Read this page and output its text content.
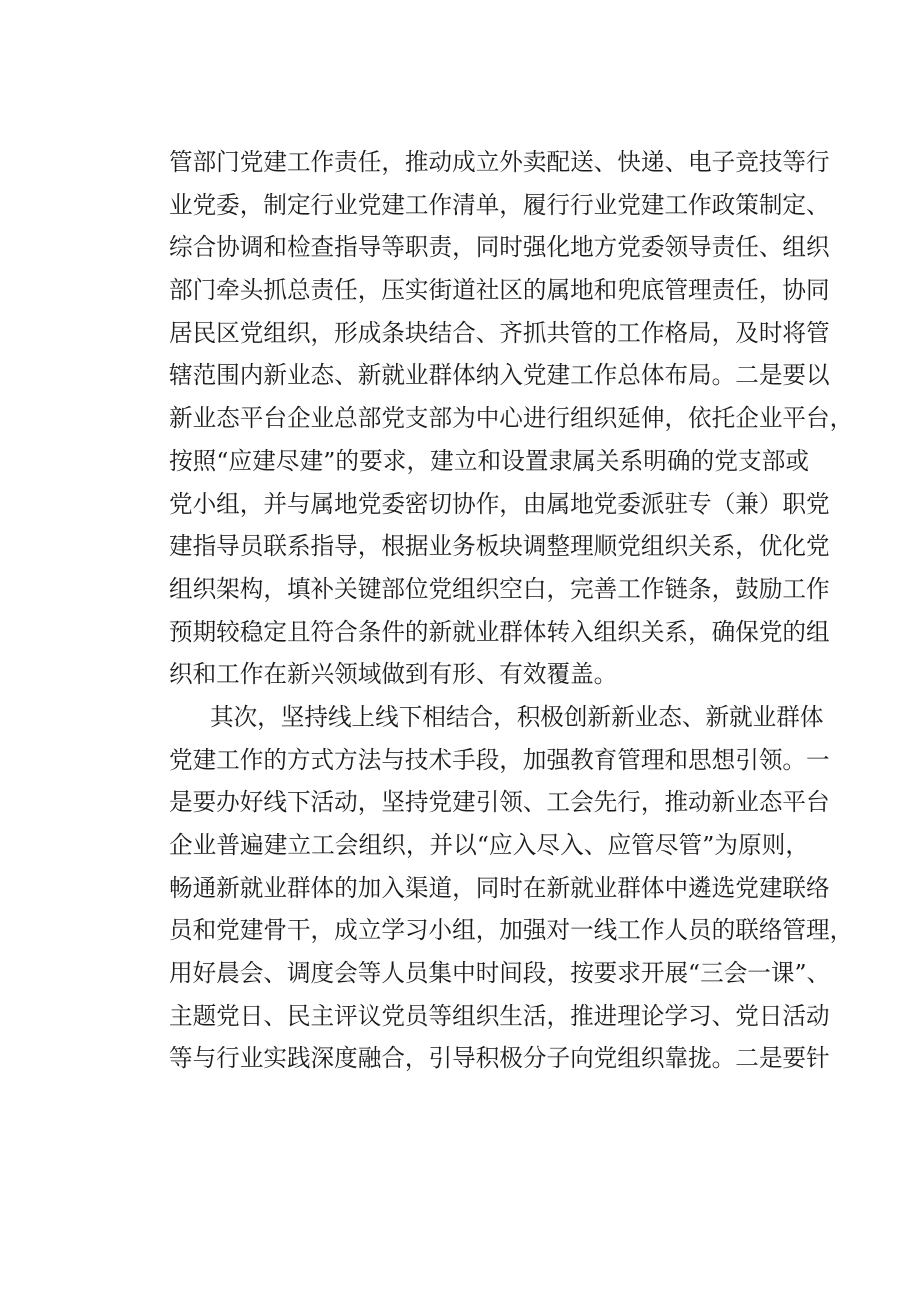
管部门党建工作责任，推动成立外卖配送、快递、电子竞技等行
业党委，制定行业党建工作清单，履行行业党建工作政策制定、
综合协调和检查指导等职责，同时强化地方党委领导责任、组织
部门牵头抓总责任，压实街道社区的属地和兜底管理责任，协同
居民区党组织，形成条块结合、齐抓共管的工作格局，及时将管
辖范围内新业态、新就业群体纳入党建工作总体布局。二是要以
新业态平台企业总部党支部为中心进行组织延伸，依托企业平台，
按照“应建尽建”的要求，建立和设置隶属关系明确的党支部或
党小组，并与属地党委密切协作，由属地党委派驻专（兼）职党
建指导员联系指导，根据业务板块调整理顺党组织关系，优化党
组织架构，填补关键部位党组织空白，完善工作链条，鼓励工作
预期较稳定且符合条件的新就业群体转入组织关系，确保党的组
织和工作在新兴领域做到有形、有效覆盖。
其次，坚持线上线下相结合，积极创新新业态、新就业群体
党建工作的方式方法与技术手段，加强教育管理和思想引领。一
是要办好线下活动，坚持党建引领、工会先行，推动新业态平台
企业普遍建立工会组织，并以“应入尽入、应管尽管”为原则，
畅通新就业群体的加入渠道，同时在新就业群体中遴选党建联络
员和党建骨干，成立学习小组，加强对一线工作人员的联络管理，
用好晨会、调度会等人员集中时间段，按要求开展“三会一课”、
主题党日、民主评议党员等组织生活，推进理论学习、党日活动
等与行业实践深度融合，引导积极分子向党组织靠拢。二是要针
